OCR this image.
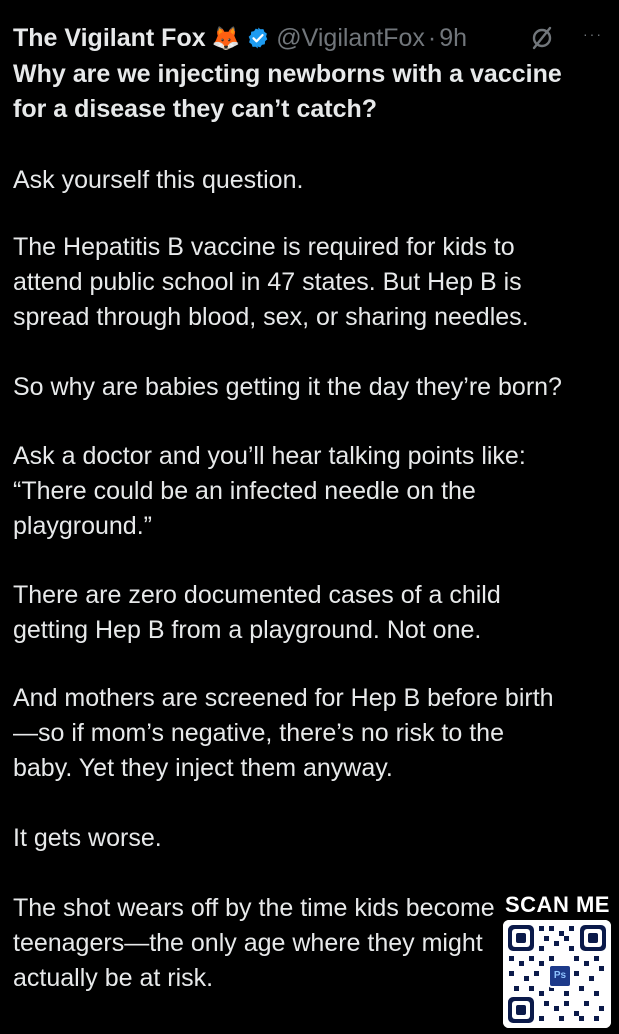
The Vigilant Fox 🦊 @VigilantFox · 9h	···
Why are we injecting newborns with a vaccine
for a disease they can’t catch?

Ask yourself this question.

The Hepatitis B vaccine is required for kids to
attend public school in 47 states. But Hep B is
spread through blood, sex, or sharing needles.

So why are babies getting it the day they’re born?

Ask a doctor and you’ll hear talking points like:
“There could be an infected needle on the
playground.”

There are zero documented cases of a child
getting Hep B from a playground. Not one.

And mothers are screened for Hep B before birth
—so if mom’s negative, there’s no risk to the
baby. Yet they inject them anyway.

It gets worse.

The shot wears off by the time kids become
teenagers—the only age where they might
actually be at risk.

SCAN ME
Ps
